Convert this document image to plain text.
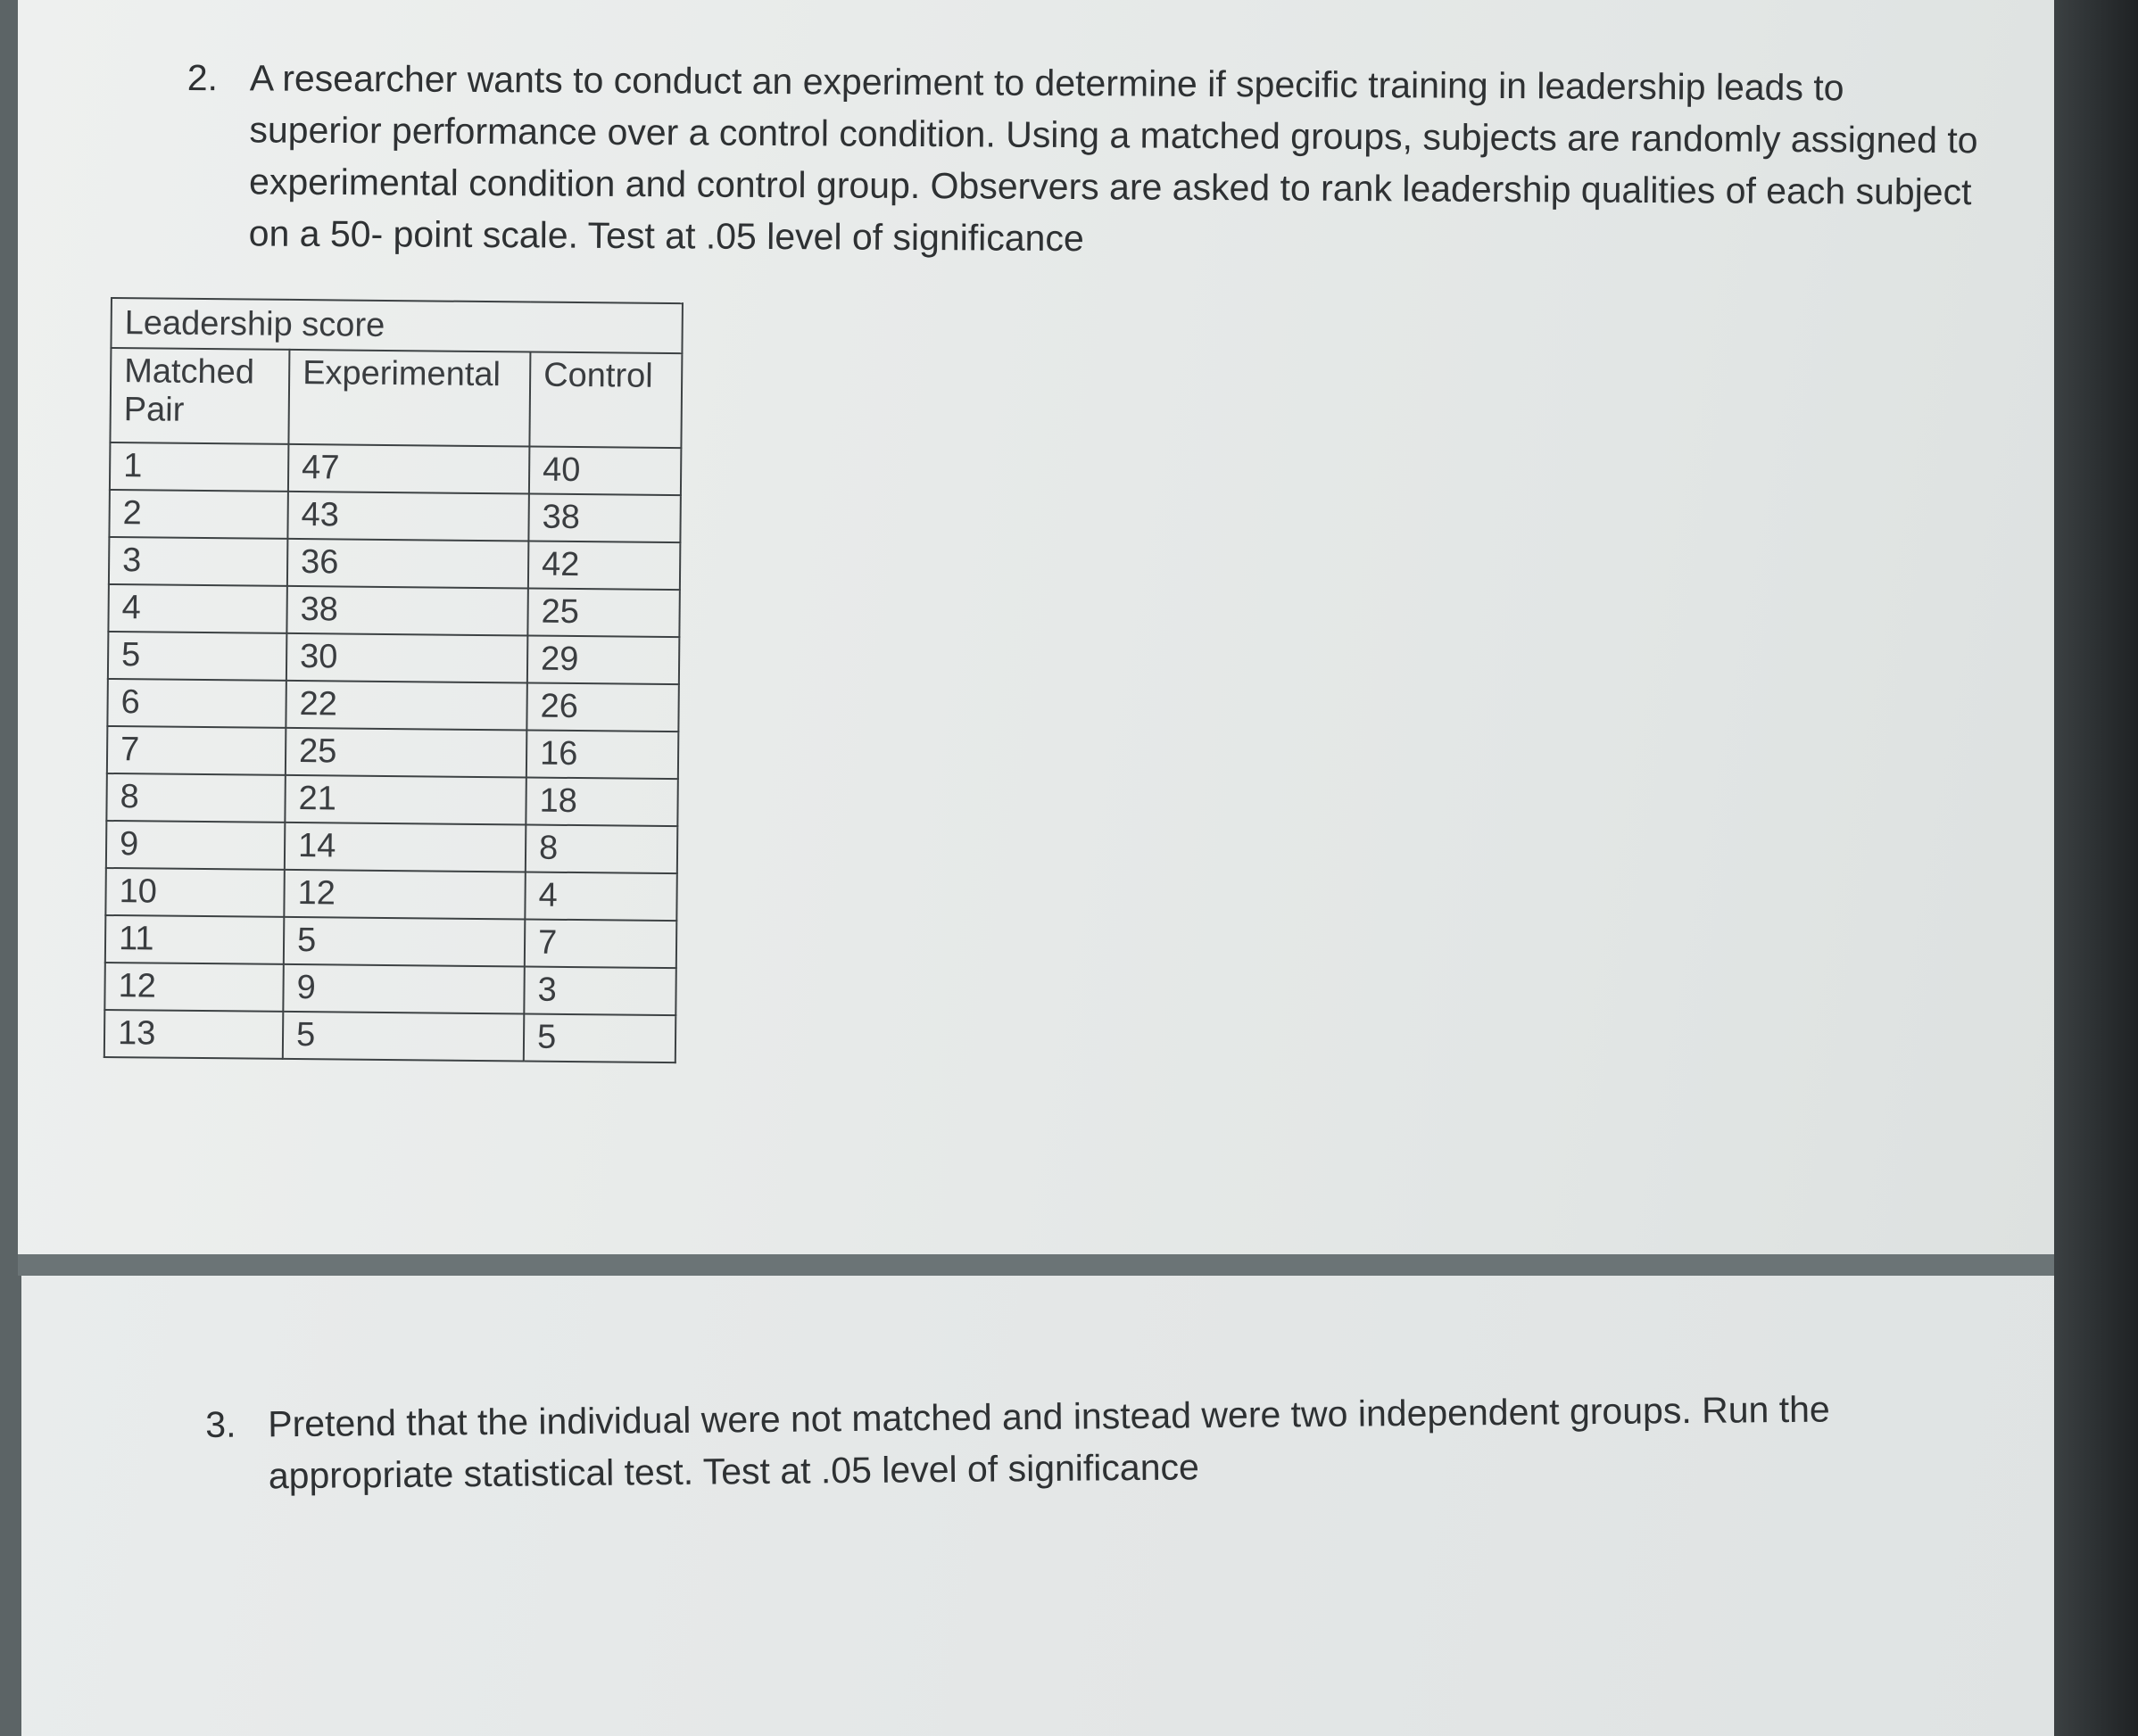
2. A researcher wants to conduct an experiment to determine if specific training in leadership leads to superior performance over a control condition. Using a matched groups, subjects are randomly assigned to experimental condition and control group. Observers are asked to rank leadership qualities of each subject on a 50- point scale. Test at .05 level of significance
Leadership score		
Matched Pair	Experimental	Control
1	47	40
2	43	38
3	36	42
4	38	25
5	30	29
6	22	26
7	25	16
8	21	18
9	14	8
10	12	4
11	5	7
12	9	3
13	5	5
3. Pretend that the individual were not matched and instead were two independent groups. Run the appropriate statistical test. Test at .05 level of significance
